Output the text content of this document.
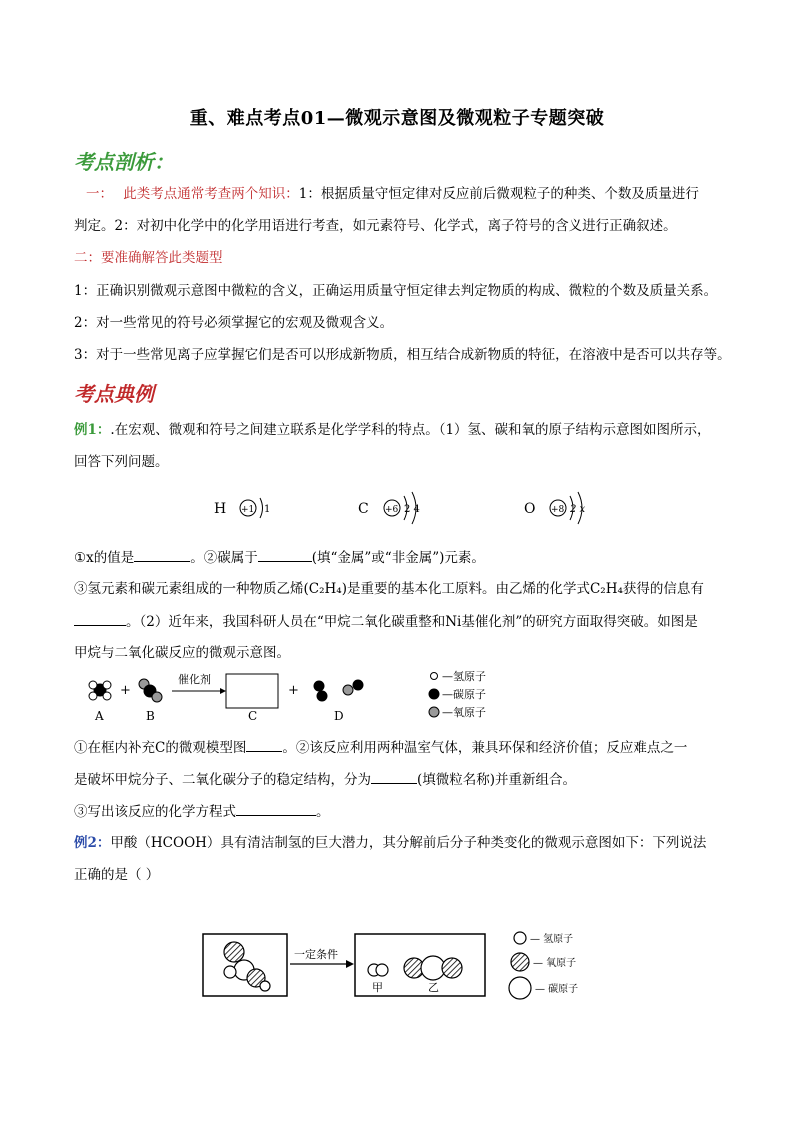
重、难点考点01—微观示意图及微观粒子专题突破
考点剖析：
一： 此类考点通常考查两个知识：1：根据质量守恒定律对反应前后微观粒子的种类、个数及质量进行
判定。2：对初中化学中的化学用语进行考查，如元素符号、化学式，离子符号的含义进行正确叙述。
二：要准确解答此类题型
1：正确识别微观示意图中微粒的含义，正确运用质量守恒定律去判定物质的构成、微粒的个数及质量关系。
2：对一些常见的符号必须掌握它的宏观及微观含义。
3：对于一些常见离子应掌握它们是否可以形成新物质，相互结合成新物质的特征，在溶液中是否可以共存等。
考点典例
例1：.在宏观、微观和符号之间建立联系是化学学科的特点。（1）氢、碳和氧的原子结构示意图如图所示，
回答下列问题。
H +1 1	C +6 2 4	O +8 2 x
①x的值是	。②碳属于	(填“金属”或“非金属”)元素。
③氢元素和碳元素组成的一种物质乙烯(C₂H₄)是重要的基本化工原料。由乙烯的化学式C₂H₄获得的信息有
。（2）近年来，我国科研人员在“甲烷二氧化碳重整和Ni基催化剂”的研究方面取得突破。如图是
甲烷与二氧化碳反应的微观示意图。
+
催化剂
+
A	B	C	D
—氢原子
—碳原子
—氧原子
①在框内补充C的微观模型图	。②该反应利用两种温室气体，兼具环保和经济价值；反应难点之一
是破坏甲烷分子、二氧化碳分子的稳定结构，分为	(填微粒名称)并重新组合。
③写出该反应的化学方程式	。
例2：甲酸（HCOOH）具有清洁制氢的巨大潜力，其分解前后分子种类变化的微观示意图如下：下列说法
正确的是（ ）
一定条件
甲	乙
— 氢原子
— 氧原子
— 碳原子
